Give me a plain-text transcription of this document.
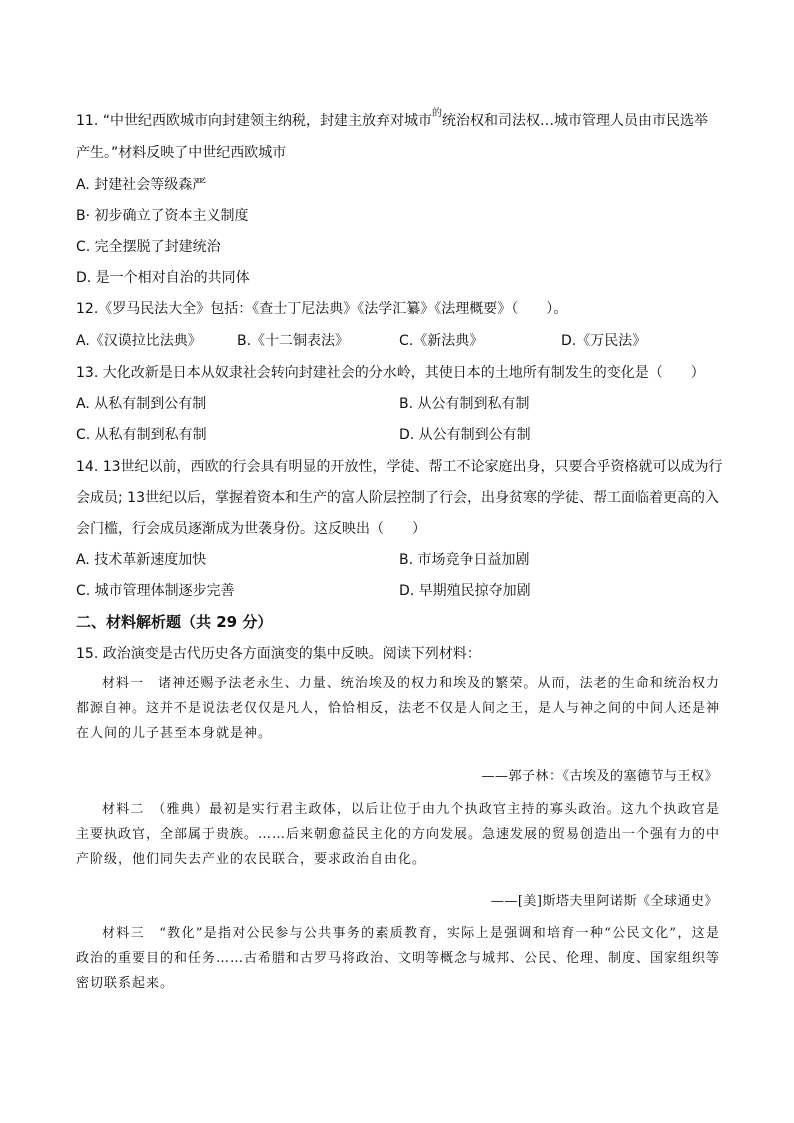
11. “中世纪西欧城市向封建领主纳税，封建主放弃对城市$^的$统治权和司法权…城市管理人员由市民选举
产生。”材料反映了中世纪西欧城市
A. 封建社会等级森严
B· 初步确立了资本主义制度
C. 完全摆脱了封建统治
D. 是一个相对自治的共同体
12.《罗马民法大全》包括：《查士丁尼法典》《法学汇纂》《法理概要》（　　）。
A.《汉谟拉比法典》	B.《十二铜表法》	C.《新法典》	D.《万民法》
13. 大化改新是日本从奴隶社会转向封建社会的分水岭，其使日本的土地所有制发生的变化是（　　）
A. 从私有制到公有制	B. 从公有制到私有制
C. 从私有制到私有制	D. 从公有制到公有制
14. 13世纪以前，西欧的行会具有明显的开放性，学徒、帮工不论家庭出身，只要合乎资格就可以成为行
会成员; 13世纪以后，掌握着资本和生产的富人阶层控制了行会，出身贫寒的学徒、帮工面临着更高的入
会门槛，行会成员逐渐成为世袭身份。这反映出（　　）
A. 技术革新速度加快	B. 市场竞争日益加剧
C. 城市管理体制逐步完善	D. 早期殖民掠夺加剧
二、材料解析题（共 29 分）
15. 政治演变是古代历史各方面演变的集中反映。阅读下列材料：

材料一　诸神还赐予法老永生、力量、统治埃及的权力和埃及的繁荣。从而，法老的生命和统治权力都源自神。这并不是说法老仅仅是凡人，恰恰相反，法老不仅是人间之王，是人与神之间的中间人还是神在人间的儿子甚至本身就是神。

——郭子林：《古埃及的塞德节与王权》

材料二　（雅典）最初是实行君主政体，以后让位于由九个执政官主持的寡头政治。这九个执政官是主要执政官，全部属于贵族。……后来朝愈益民主化的方向发展。急速发展的贸易创造出一个强有力的中产阶级，他们同失去产业的农民联合，要求政治自由化。

——[美]斯塔夫里阿诺斯《全球通史》

材料三　“教化”是指对公民参与公共事务的素质教育，实际上是强调和培育一种“公民文化”，这是政治的重要目的和任务……古希腊和古罗马将政治、文明等概念与城邦、公民、伦理、制度、国家组织等密切联系起来。
